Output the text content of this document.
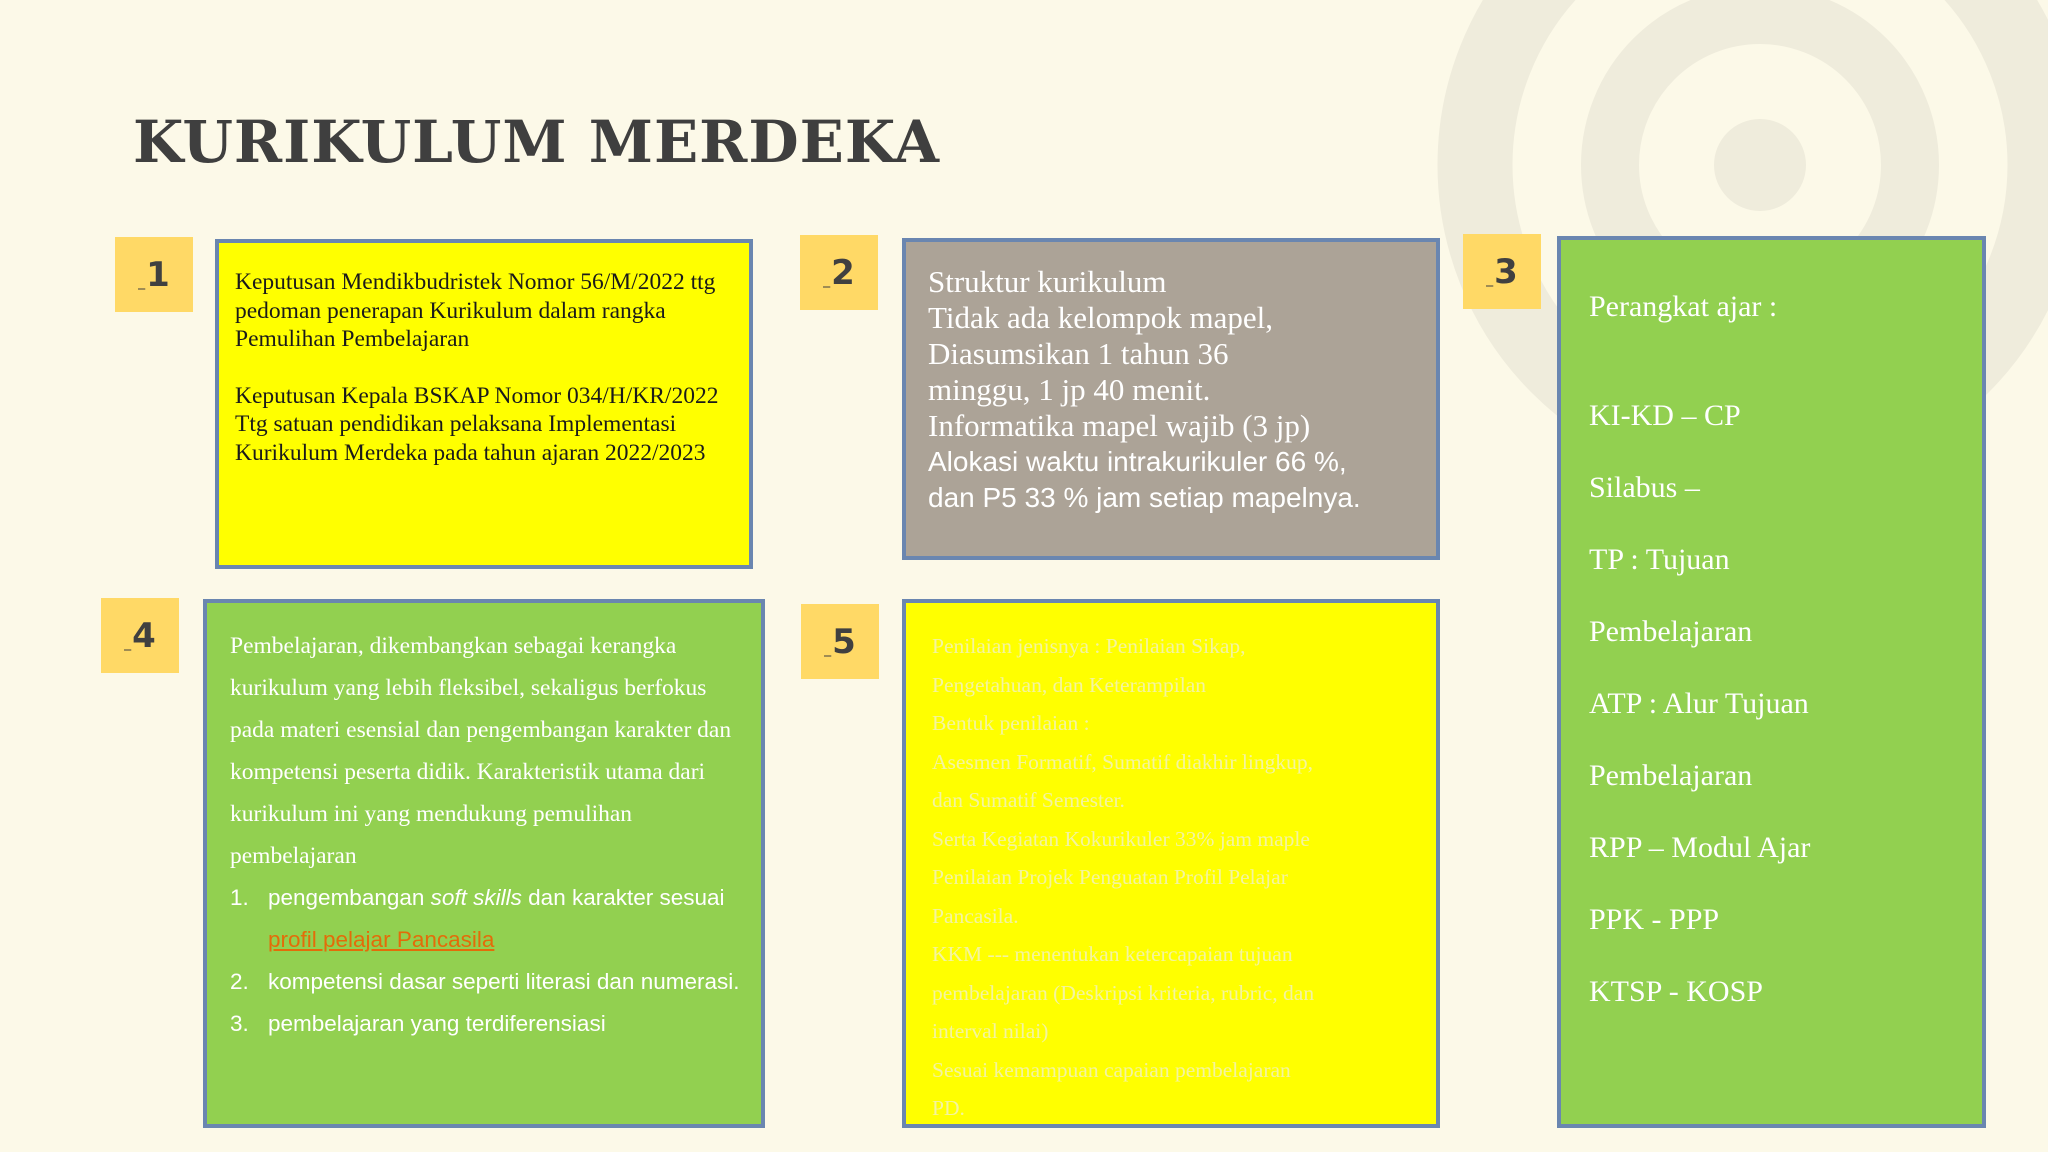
KURIKULUM MERDEKA
_ 1	_ 2	_ 3
_ 4	_ 5

Keputusan Mendikbudristek Nomor 56/M/2022 ttg pedoman penerapan Kurikulum dalam rangka Pemulihan Pembelajaran

Keputusan Kepala BSKAP Nomor 034/H/KR/2022 Ttg satuan pendidikan pelaksana Implementasi Kurikulum Merdeka pada tahun ajaran 2022/2023

Struktur kurikulum
Tidak ada kelompok mapel,
Diasumsikan 1 tahun 36
minggu, 1 jp 40 menit.
Informatika mapel wajib (3 jp)
Alokasi waktu intrakurikuler 66 %,
dan P5 33 % jam setiap mapelnya.
Perangkat ajar :
KI-KD – CP
Silabus –
TP : Tujuan
Pembelajaran
ATP : Alur Tujuan
Pembelajaran
RPP – Modul Ajar
PPK - PPP
KTSP - KOSP

Pembelajaran, dikembangkan sebagai kerangka kurikulum yang lebih fleksibel, sekaligus berfokus pada materi esensial dan pengembangan karakter dan kompetensi peserta didik. Karakteristik utama dari kurikulum ini yang mendukung pemulihan pembelajaran

1. pengembangan soft skills dan karakter sesuai profil pelajar Pancasila
2. kompetensi dasar seperti literasi dan numerasi.
3. pembelajaran yang terdiferensiasi
Penilaian jenisnya : Penilaian Sikap,
Pengetahuan, dan Keterampilan
Bentuk penilaian :
Asesmen Formatif, Sumatif diakhir lingkup,
dan Sumatif Semester.
Serta Kegiatan Kokurikuler 33% jam maple
Penilaian Projek Penguatan Profil Pelajar
Pancasila.
KKM --- menentukan ketercapaian tujuan
pembelajaran (Deskripsi kriteria, rubric, dan
interval nilai)
Sesuai kemampuan capaian pembelajaran
PD.
